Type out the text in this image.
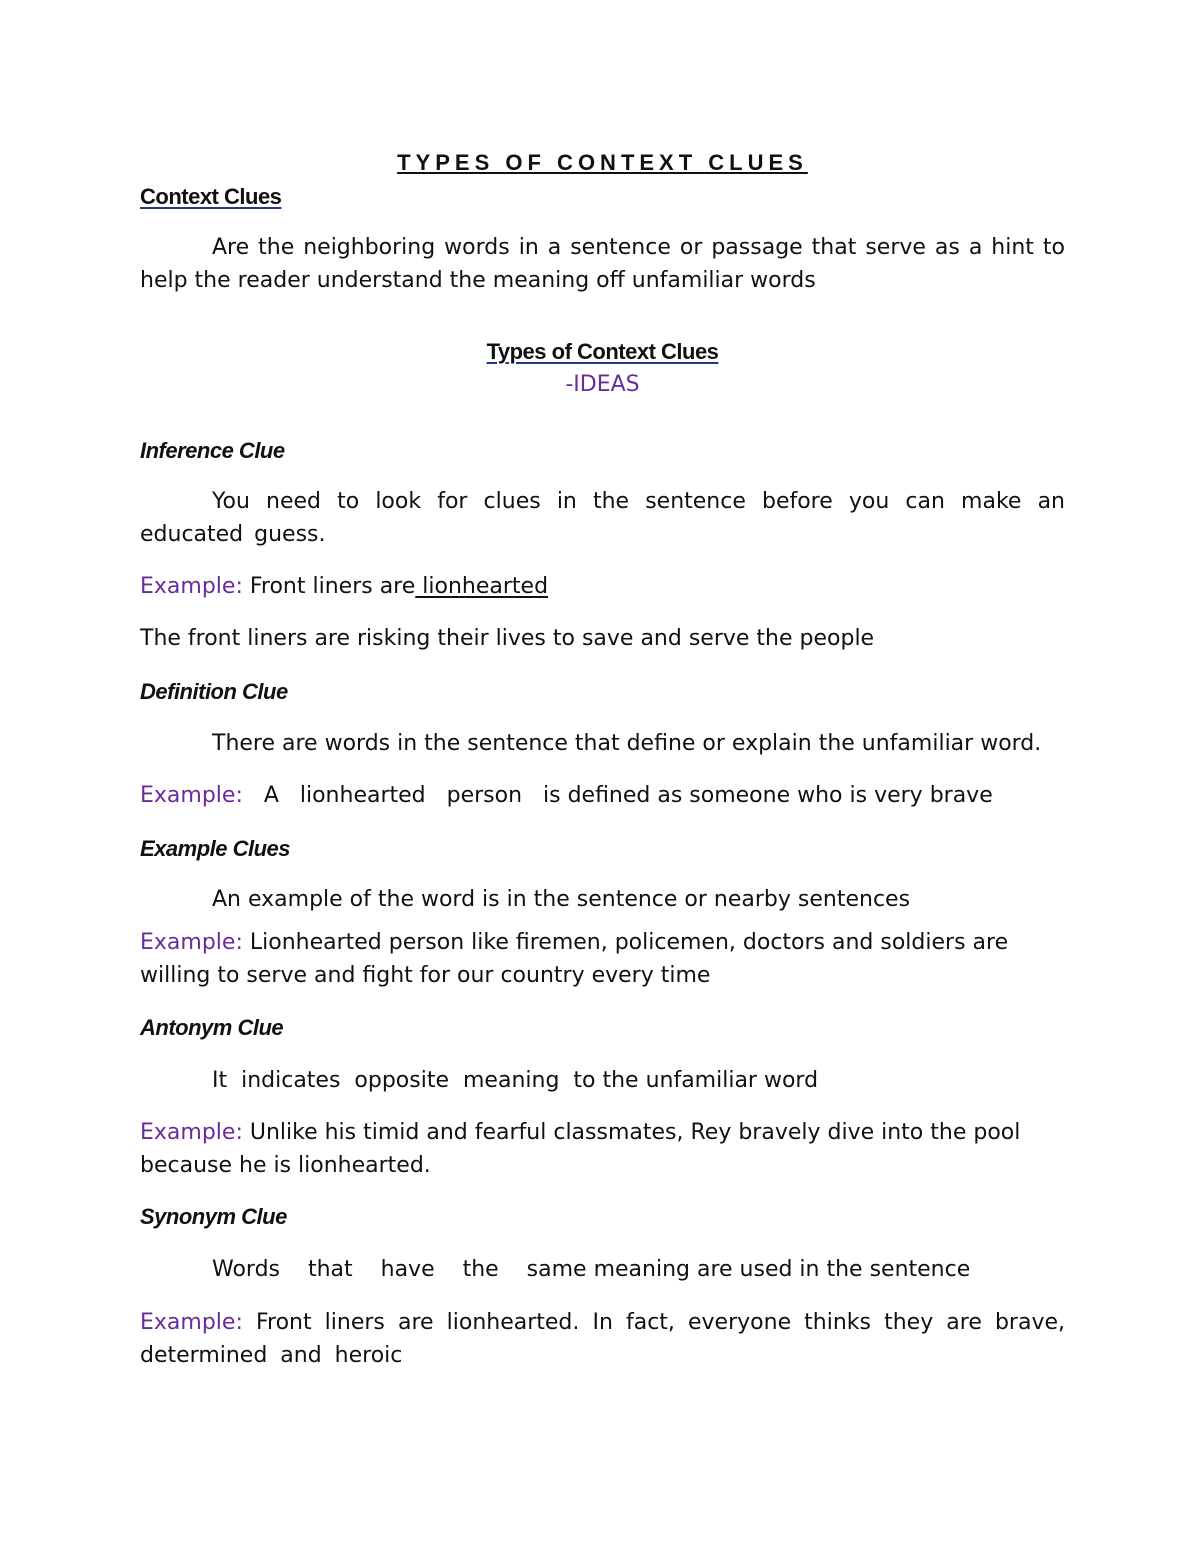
TYPES OF CONTEXT CLUES

Context Clues

Are the neighboring words in a sentence or passage that serve as a hint to help the reader understand the meaning off unfamiliar words

Types of Context Clues

-IDEAS

Inference Clue

You need to look for clues in the sentence before you can make an educated guess.

Example: Front liners are lionhearted

The front liners are risking their lives to save and serve the people

Definition Clue

There are words in the sentence that define or explain the unfamiliar word.

Example: A   lionhearted   person   is defined as someone who is very brave

Example Clues

An example of the word is in the sentence or nearby sentences

Example: Lionhearted person like firemen, policemen, doctors and soldiers are willing to serve and fight for our country every time

Antonym Clue

It  indicates  opposite  meaning  to the unfamiliar word

Example: Unlike his timid and fearful classmates, Rey bravely dive into the pool because he is lionhearted.

Synonym Clue

Words    that    have    the    same meaning are used in the sentence

Example: Front liners are lionhearted. In fact, everyone thinks they are brave, determined and heroic
